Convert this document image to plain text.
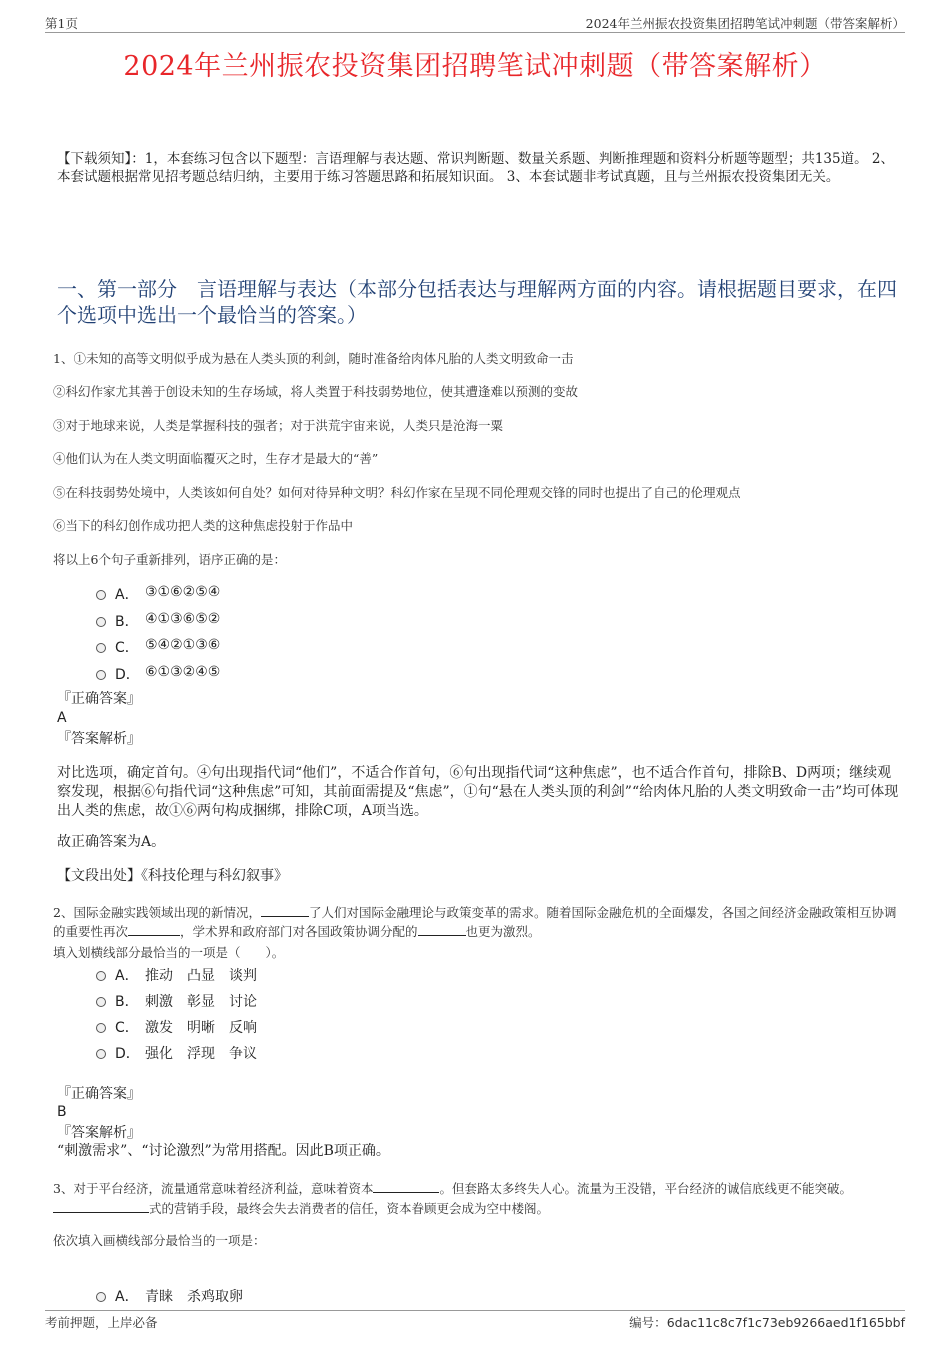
第1页	2024年兰州振农投资集团招聘笔试冲刺题（带答案解析）
2024年兰州振农投资集团招聘笔试冲刺题（带答案解析）
【下载须知】：1，本套练习包含以下题型：言语理解与表达题、常识判断题、数量关系题、判断推理题和资料分析题等题型；共135道。 2、本套试题根据常见招考题总结归纳，主要用于练习答题思路和拓展知识面。 3、本套试题非考试真题，且与兰州振农投资集团无关。
一、第一部分　言语理解与表达（本部分包括表达与理解两方面的内容。请根据题目要求，在四个选项中选出一个最恰当的答案。）
1、①未知的高等文明似乎成为悬在人类头顶的利剑，随时准备给肉体凡胎的人类文明致命一击
②科幻作家尤其善于创设未知的生存场域，将人类置于科技弱势地位，使其遭逢难以预测的变故
③对于地球来说，人类是掌握科技的强者；对于洪荒宇宙来说，人类只是沧海一粟
④他们认为在人类文明面临覆灭之时，生存才是最大的“善”
⑤在科技弱势处境中，人类该如何自处？如何对待异种文明？科幻作家在呈现不同伦理观交锋的同时也提出了自己的伦理观点
⑥当下的科幻创作成功把人类的这种焦虑投射于作品中
将以上6个句子重新排列，语序正确的是：
A． ③①⑥②⑤④
B． ④①③⑥⑤②
C． ⑤④②①③⑥
D． ⑥①③②④⑤
『正确答案』
A
『答案解析』
对比选项，确定首句。④句出现指代词“他们”，不适合作首句，⑥句出现指代词“这种焦虑”，也不适合作首句，排除B、D两项；继续观察发现，根据⑥句指代词“这种焦虑”可知，其前面需提及“焦虑”，①句“悬在人类头顶的利剑”“给肉体凡胎的人类文明致命一击”均可体现出人类的焦虑，故①⑥两句构成捆绑，排除C项，A项当选。
故正确答案为A。
【文段出处】《科技伦理与科幻叙事》
2、国际金融实践领域出现的新情况，	了人们对国际金融理论与政策变革的需求。随着国际金融危机的全面爆发，各国之间经济金融政策相互协调的重要性再次	，学术界和政府部门对各国政策协调分配的	也更为激烈。
填入划横线部分最恰当的一项是（　　）。
A． 推动　凸显　谈判
B． 刺激　彰显　讨论
C． 激发　明晰　反响
D． 强化　浮现　争议
『正确答案』
B
『答案解析』
“刺激需求”、“讨论激烈”为常用搭配。因此B项正确。
3、对于平台经济，流量通常意味着经济利益，意味着资本	。但套路太多终失人心。流量为王没错，平台经济的诚信底线更不能突破。式的营销手段，最终会失去消费者的信任，资本眷顾更会成为空中楼阁。
依次填入画横线部分最恰当的一项是：
A． 青睐　杀鸡取卵
考前押题，上岸必备	编号：6dac11c8c7f1c73eb9266aed1f165bbf
